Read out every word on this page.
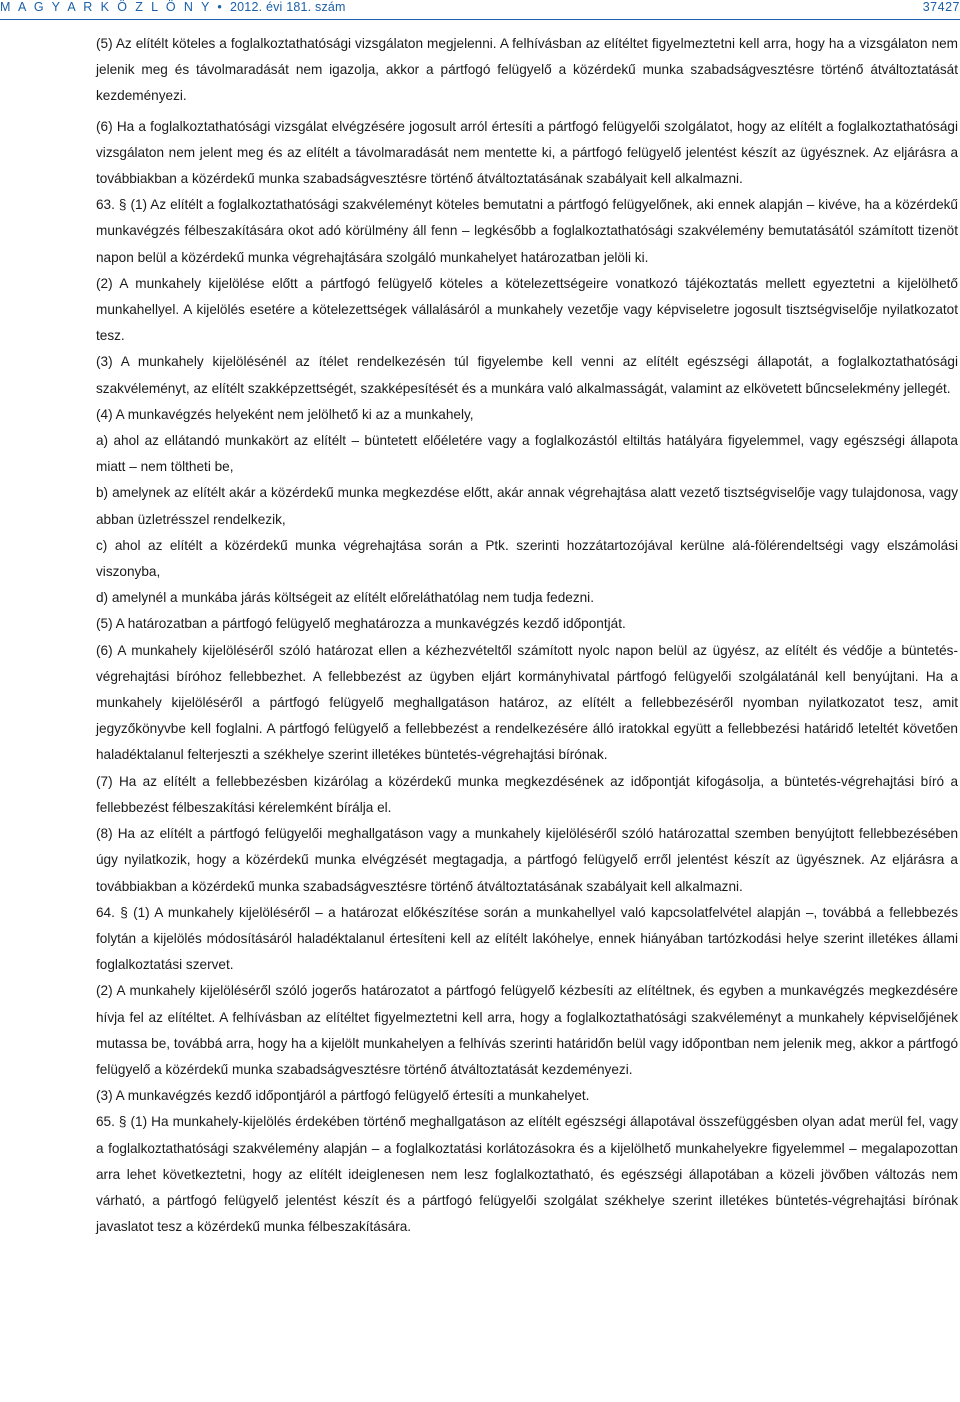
M A G Y A R K Ö Z L Ö N Y • 2012. évi 181. szám	37427

(5) Az elítélt köteles a foglalkoztathatósági vizsgálaton megjelenni. A felhívásban az elítéltet figyelmeztetni kell arra, hogy ha a vizsgálaton nem jelenik meg és távolmaradását nem igazolja, akkor a pártfogó felügyelő a közérdekű munka szabadságvesztésre történő átváltoztatását kezdeményezi.

(6) Ha a foglalkoztathatósági vizsgálat elvégzésére jogosult arról értesíti a pártfogó felügyelői szolgálatot, hogy az elítélt a foglalkoztathatósági vizsgálaton nem jelent meg és az elítélt a távolmaradását nem mentette ki, a pártfogó felügyelő jelentést készít az ügyésznek. Az eljárásra a továbbiakban a közérdekű munka szabadságvesztésre történő átváltoztatásának szabályait kell alkalmazni.

63. § (1) Az elítélt a foglalkoztathatósági szakvéleményt köteles bemutatni a pártfogó felügyelőnek, aki ennek alapján – kivéve, ha a közérdekű munkavégzés félbeszakítására okot adó körülmény áll fenn – legkésőbb a foglalkoztathatósági szakvélemény bemutatásától számított tizenöt napon belül a közérdekű munka végrehajtására szolgáló munkahelyet határozatban jelöli ki.

(2) A munkahely kijelölése előtt a pártfogó felügyelő köteles a kötelezettségeire vonatkozó tájékoztatás mellett egyeztetni a kijelölhető munkahellyel. A kijelölés esetére a kötelezettségek vállalásáról a munkahely vezetője vagy képviseletre jogosult tisztségviselője nyilatkozatot tesz.

(3) A munkahely kijelölésénél az ítélet rendelkezésén túl figyelembe kell venni az elítélt egészségi állapotát, a foglalkoztathatósági szakvéleményt, az elítélt szakképzettségét, szakképesítését és a munkára való alkalmasságát, valamint az elkövetett bűncselekmény jellegét.

(4) A munkavégzés helyeként nem jelölhető ki az a munkahely,

a) ahol az ellátandó munkakört az elítélt – büntetett előéletére vagy a foglalkozástól eltiltás hatályára figyelemmel, vagy egészségi állapota miatt – nem töltheti be,

b) amelynek az elítélt akár a közérdekű munka megkezdése előtt, akár annak végrehajtása alatt vezető tisztségviselője vagy tulajdonosa, vagy abban üzletrésszel rendelkezik,

c) ahol az elítélt a közérdekű munka végrehajtása során a Ptk. szerinti hozzátartozójával kerülne alá-fölérendeltségi vagy elszámolási viszonyba,

d) amelynél a munkába járás költségeit az elítélt előreláthatólag nem tudja fedezni.

(5) A határozatban a pártfogó felügyelő meghatározza a munkavégzés kezdő időpontját.

(6) A munkahely kijelöléséről szóló határozat ellen a kézhezvételtől számított nyolc napon belül az ügyész, az elítélt és védője a büntetés-végrehajtási bíróhoz fellebbezhet. A fellebbezést az ügyben eljárt kormányhivatal pártfogó felügyelői szolgálatánál kell benyújtani. Ha a munkahely kijelöléséről a pártfogó felügyelő meghallgatáson határoz, az elítélt a fellebbezéséről nyomban nyilatkozatot tesz, amit jegyzőkönyvbe kell foglalni. A pártfogó felügyelő a fellebbezést a rendelkezésére álló iratokkal együtt a fellebbezési határidő leteltét követően haladéktalanul felterjeszti a székhelye szerint illetékes büntetés-végrehajtási bírónak.

(7) Ha az elítélt a fellebbezésben kizárólag a közérdekű munka megkezdésének az időpontját kifogásolja, a büntetés-végrehajtási bíró a fellebbezést félbeszakítási kérelemként bírálja el.

(8) Ha az elítélt a pártfogó felügyelői meghallgatáson vagy a munkahely kijelöléséről szóló határozattal szemben benyújtott fellebbezésében úgy nyilatkozik, hogy a közérdekű munka elvégzését megtagadja, a pártfogó felügyelő erről jelentést készít az ügyésznek. Az eljárásra a továbbiakban a közérdekű munka szabadságvesztésre történő átváltoztatásának szabályait kell alkalmazni.

64. § (1) A munkahely kijelöléséről – a határozat előkészítése során a munkahellyel való kapcsolatfelvétel alapján –, továbbá a fellebbezés folytán a kijelölés módosításáról haladéktalanul értesíteni kell az elítélt lakóhelye, ennek hiányában tartózkodási helye szerint illetékes állami foglalkoztatási szervet.

(2) A munkahely kijelöléséről szóló jogerős határozatot a pártfogó felügyelő kézbesíti az elítéltnek, és egyben a munkavégzés megkezdésére hívja fel az elítéltet. A felhívásban az elítéltet figyelmeztetni kell arra, hogy a foglalkoztathatósági szakvéleményt a munkahely képviselőjének mutassa be, továbbá arra, hogy ha a kijelölt munkahelyen a felhívás szerinti határidőn belül vagy időpontban nem jelenik meg, akkor a pártfogó felügyelő a közérdekű munka szabadságvesztésre történő átváltoztatását kezdeményezi.

(3) A munkavégzés kezdő időpontjáról a pártfogó felügyelő értesíti a munkahelyet.

65. § (1) Ha munkahely-kijelölés érdekében történő meghallgatáson az elítélt egészségi állapotával összefüggésben olyan adat merül fel, vagy a foglalkoztathatósági szakvélemény alapján – a foglalkoztatási korlátozásokra és a kijelölhető munkahelyekre figyelemmel – megalapozottan arra lehet következtetni, hogy az elítélt ideiglenesen nem lesz foglalkoztatható, és egészségi állapotában a közeli jövőben változás nem várható, a pártfogó felügyelő jelentést készít és a pártfogó felügyelői szolgálat székhelye szerint illetékes büntetés-végrehajtási bírónak javaslatot tesz a közérdekű munka félbeszakítására.
